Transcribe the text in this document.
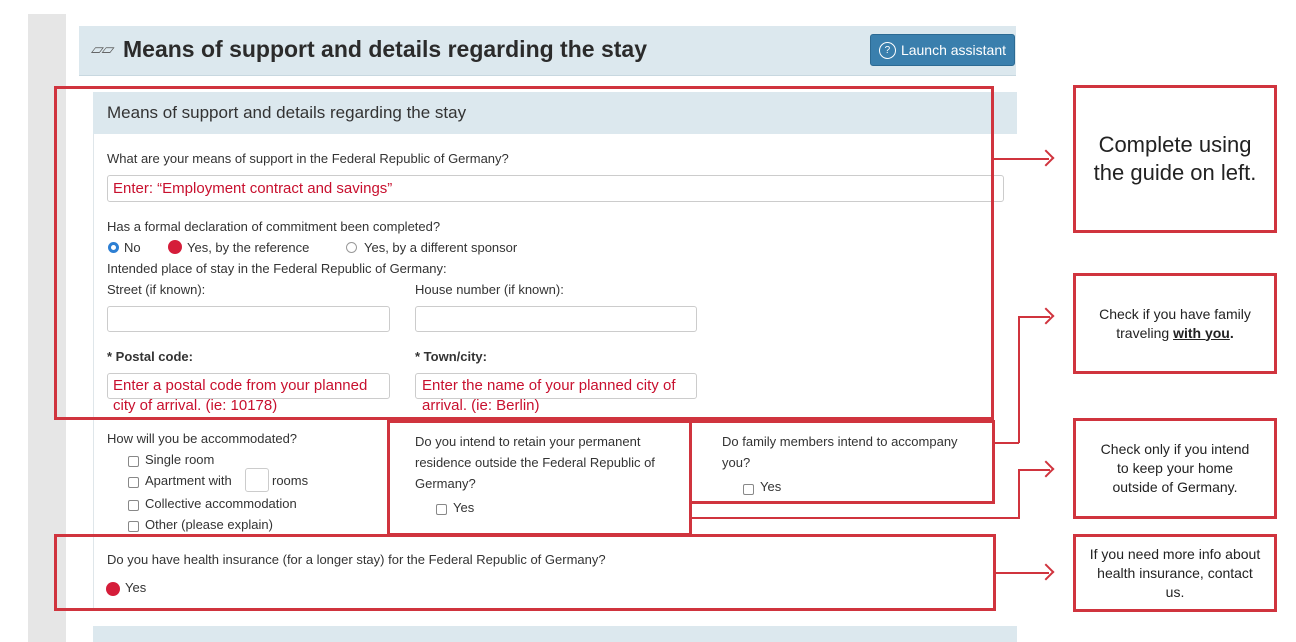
▱▱ Means of support and details regarding the stay	? Launch assistant
Means of support and details regarding the stay
What are your means of support in the Federal Republic of Germany?
Enter: “Employment contract and savings”
Has a formal declaration of commitment been completed?
No	Yes, by the reference	Yes, by a different sponsor
Intended place of stay in the Federal Republic of Germany:
Street (if known):	House number (if known):
* Postal code:	* Town/city:
Enter a postal code from your planned city of arrival. (ie: 10178)
Enter the name of your planned city of arrival. (ie: Berlin)
How will you be accommodated?
Single room
Apartment with	rooms
Collective accommodation
Other (please explain)
Do you intend to retain your permanent residence outside the Federal Republic of Germany?
Yes
Do family members intend to accompany you?
Yes
Do you have health insurance (for a longer stay) for the Federal Republic of Germany?
Yes
Complete using the guide on left.
Check if you have family traveling with you.
Check only if you intend to keep your home outside of Germany.
If you need more info about health insurance, contact us.
